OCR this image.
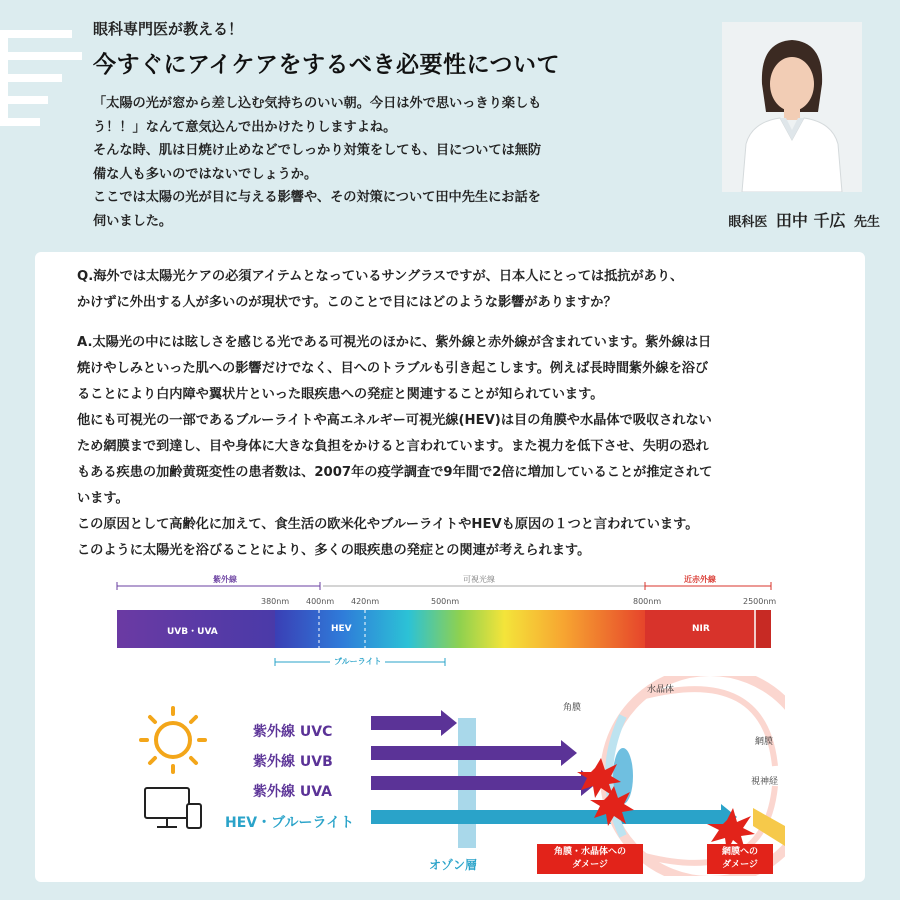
眼科専門医が教える！
今すぐにアイケアをするべき必要性について

「太陽の光が窓から差し込む気持ちのいい朝。今日は外で思いっきり楽しも

う！！」なんて意気込んで出かけたりしますよね。

そんな時、肌は日焼け止めなどでしっかり対策をしても、目については無防

備な人も多いのではないでしょうか。

ここでは太陽の光が目に与える影響や、その対策について田中先生にお話を

伺いました。	眼科医 田中 千広 先生

Q.海外では太陽光ケアの必須アイテムとなっているサングラスですが、日本人にとっては抵抗があり、

かけずに外出する人が多いのが現状です。このことで目にはどのような影響がありますか？

A.太陽光の中には眩しさを感じる光である可視光のほかに、紫外線と赤外線が含まれています。紫外線は日

焼けやしみといった肌への影響だけでなく、目へのトラブルも引き起こします。例えば長時間紫外線を浴び

ることにより白内障や翼状片といった眼疾患への発症と関連することが知られています。

他にも可視光の一部であるブルーライトや高エネルギー可視光線(HEV)は目の角膜や水晶体で吸収されない

ため網膜まで到達し、目や身体に大きな負担をかけると言われています。また視力を低下させ、失明の恐れ

もある疾患の加齢黄斑変性の患者数は、2007年の疫学調査で9年間で2倍に増加していることが推定されて

います。

この原因として高齢化に加えて、食生活の欧米化やブルーライトやHEVも原因の１つと言われています。

このように太陽光を浴びることにより、多くの眼疾患の発症との関連が考えられます。

紫外線	可視光線	近赤外線
380nm 400nm 420nm	500nm	800nm	2500nm
UVB・UVA	HEV	NIR
ブルーライト
紫外線 UVC
紫外線 UVB
紫外線 UVA
HEV・ブルーライト
オゾン層
水晶体
角膜
網膜
視神経
角膜・水晶体への
ダメージ
網膜への
ダメージ
